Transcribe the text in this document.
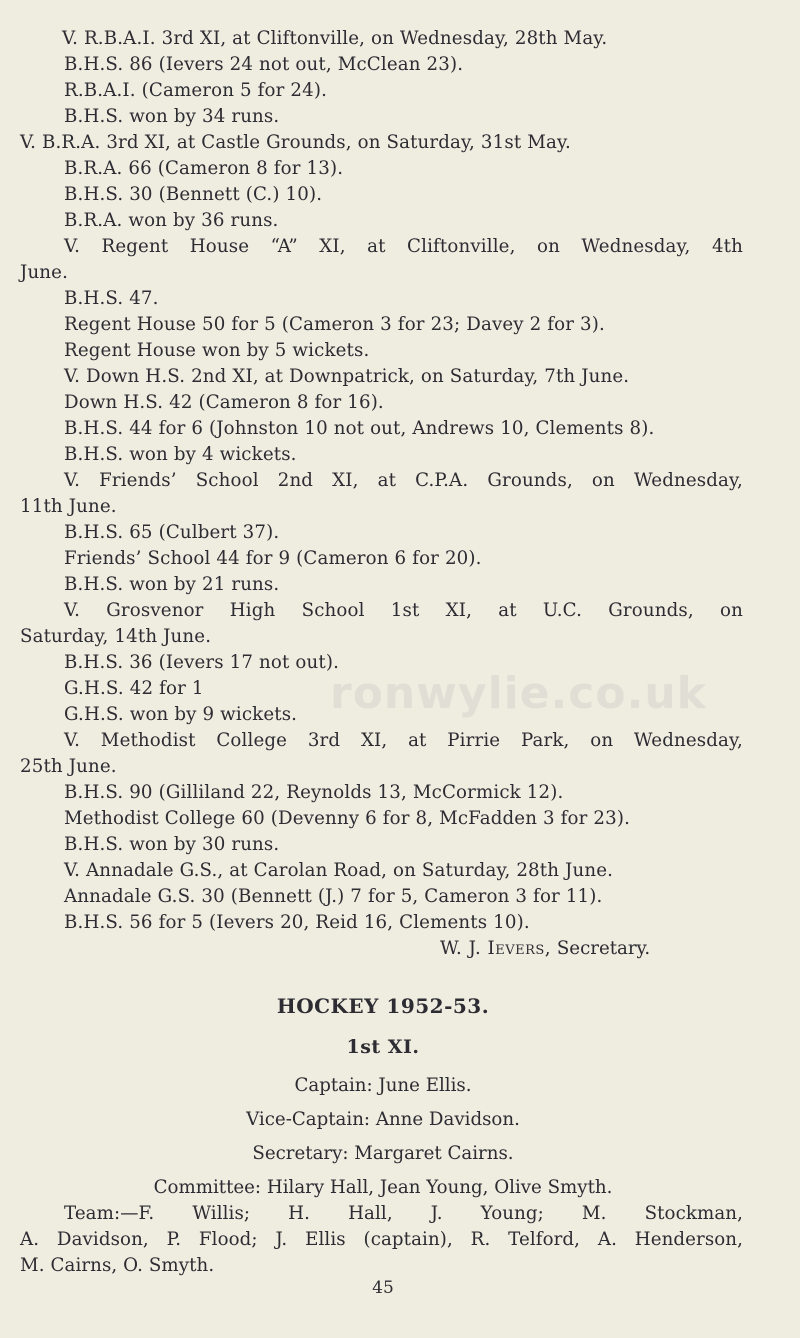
ronwylie.co.uk
V. R.B.A.I. 3rd XI, at Cliftonville, on Wednesday, 28th May.
B.H.S. 86 (Ievers 24 not out, McClean 23).
R.B.A.I. (Cameron 5 for 24).
B.H.S. won by 34 runs.
V. B.R.A. 3rd XI, at Castle Grounds, on Saturday, 31st May.
B.R.A. 66 (Cameron 8 for 13).
B.H.S. 30 (Bennett (C.) 10).
B.R.A. won by 36 runs.
V. Regent House “A” XI, at Cliftonville, on Wednesday, 4th
June.
B.H.S. 47.
Regent House 50 for 5 (Cameron 3 for 23; Davey 2 for 3).
Regent House won by 5 wickets.
V. Down H.S. 2nd XI, at Downpatrick, on Saturday, 7th June.
Down H.S. 42 (Cameron 8 for 16).
B.H.S. 44 for 6 (Johnston 10 not out, Andrews 10, Clements 8).
B.H.S. won by 4 wickets.
V. Friends’ School 2nd XI, at C.P.A. Grounds, on Wednesday,
11th June.
B.H.S. 65 (Culbert 37).
Friends’ School 44 for 9 (Cameron 6 for 20).
B.H.S. won by 21 runs.
V. Grosvenor High School 1st XI, at U.C. Grounds, on
Saturday, 14th June.
B.H.S. 36 (Ievers 17 not out).
G.H.S. 42 for 1
G.H.S. won by 9 wickets.
V. Methodist College 3rd XI, at Pirrie Park, on Wednesday,
25th June.
B.H.S. 90 (Gilliland 22, Reynolds 13, McCormick 12).
Methodist College 60 (Devenny 6 for 8, McFadden 3 for 23).
B.H.S. won by 30 runs.
V. Annadale G.S., at Carolan Road, on Saturday, 28th June.
Annadale G.S. 30 (Bennett (J.) 7 for 5, Cameron 3 for 11).
B.H.S. 56 for 5 (Ievers 20, Reid 16, Clements 10).
W. J. Ievers, Secretary.
HOCKEY 1952-53.
1st XI.
Captain: June Ellis.
Vice-Captain: Anne Davidson.
Secretary: Margaret Cairns.
Committee: Hilary Hall, Jean Young, Olive Smyth.
Team:—F. Willis; H. Hall, J. Young; M. Stockman,
A. Davidson, P. Flood; J. Ellis (captain), R. Telford, A. Henderson,
M. Cairns, O. Smyth.
45
